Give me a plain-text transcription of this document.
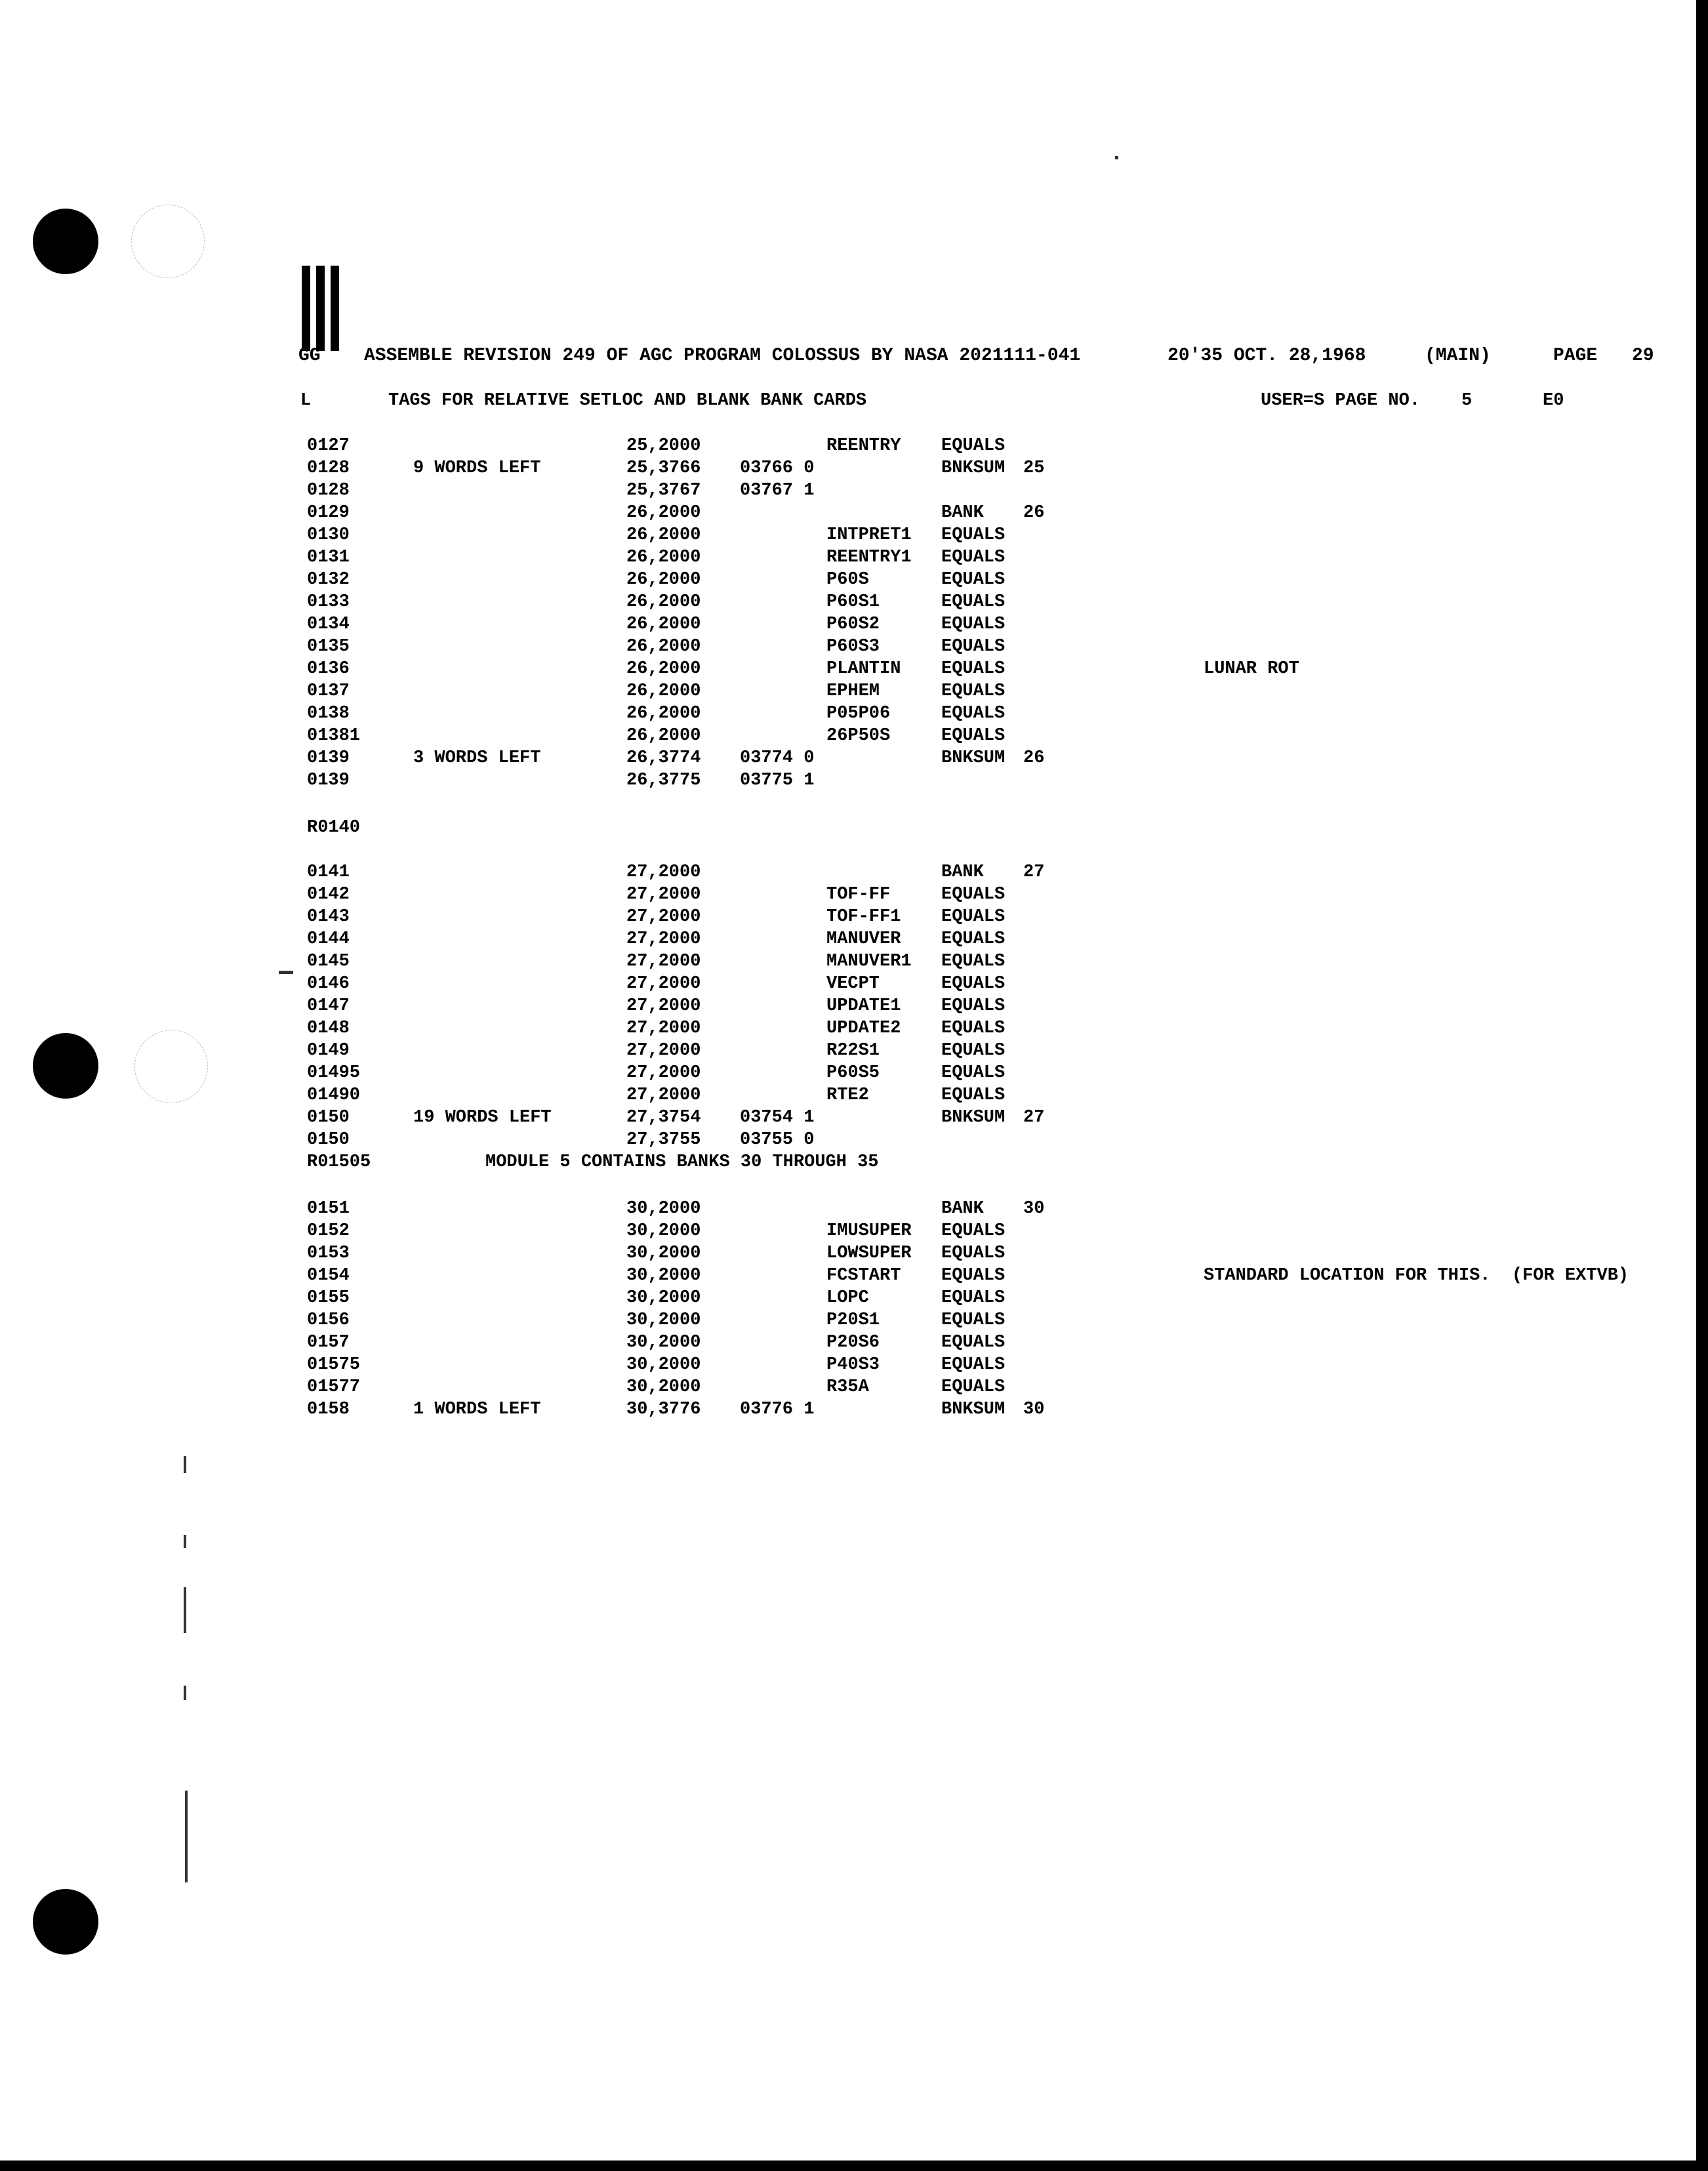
GG ASSEMBLE REVISION 249 OF AGC PROGRAM COLOSSUS BY NASA 2021111-041	20'35 OCT. 28,1968	(MAIN)	PAGE 29
L	TAGS FOR RELATIVE SETLOC AND BLANK BANK CARDS	USER=S PAGE NO. 5	E0
0127	25,2000	REENTRY EQUALS
0128	9 WORDS LEFT	25,3766 03766 0	BNKSUM 25
0128	25,3767 03767 1
0129	26,2000	BANK 26
0130	26,2000	INTPRET1 EQUALS
0131	26,2000	REENTRY1 EQUALS
0132	26,2000	P60S	EQUALS
0133	26,2000	P60S1	EQUALS
0134	26,2000	P60S2	EQUALS
0135	26,2000	P60S3	EQUALS
0136	26,2000	PLANTIN EQUALS	LUNAR ROT
0137	26,2000	EPHEM	EQUALS
0138	26,2000	P05P06	EQUALS
01381	26,2000	26P50S	EQUALS
0139	3 WORDS LEFT	26,3774 03774 0	BNKSUM 26
0139	26,3775 03775 1
R0140
0141	27,2000	BANK 27
0142	27,2000	TOF-FF	EQUALS
0143	27,2000	TOF-FF1 EQUALS
0144	27,2000	MANUVER EQUALS
0145	27,2000	MANUVER1 EQUALS
0146	27,2000	VECPT	EQUALS
0147	27,2000	UPDATE1 EQUALS
0148	27,2000	UPDATE2 EQUALS
0149	27,2000	R22S1	EQUALS
01495	27,2000	P60S5	EQUALS
01490	27,2000	RTE2	EQUALS
0150	19 WORDS LEFT	27,3754 03754 1	BNKSUM 27
0150	27,3755 03755 0
R01505	MODULE 5 CONTAINS BANKS 30 THROUGH 35
0151	30,2000	BANK 30
0152	30,2000	IMUSUPER EQUALS
0153	30,2000	LOWSUPER EQUALS
0154	30,2000	FCSTART EQUALS	STANDARD LOCATION FOR THIS.  (FOR EXTVB)
0155	30,2000	LOPC	EQUALS
0156	30,2000	P20S1	EQUALS
0157	30,2000	P20S6	EQUALS
01575	30,2000	P40S3	EQUALS
01577	30,2000	R35A	EQUALS
0158	1 WORDS LEFT	30,3776 03776 1	BNKSUM 30
